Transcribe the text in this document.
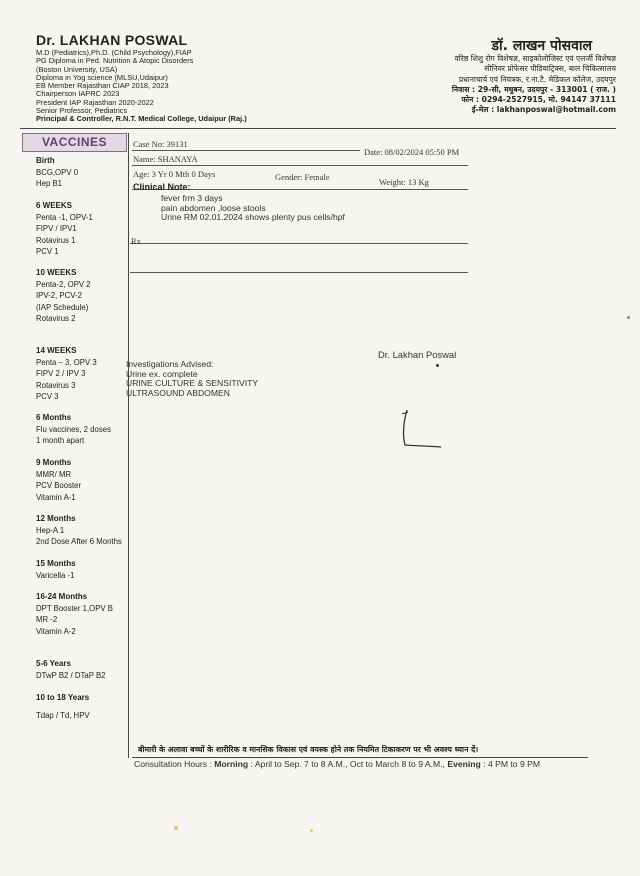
Dr. LAKHAN POSWAL
M.D (Pediatrics),Ph.D. (Child Psychology),FIAP
PG Diploma in Ped. Nutrition & Atopic Disorders
(Boston University, USA)
Diploma in Yog science (MLSU,Udaipur)
EB Member Rajasthan CIAP 2018, 2023
Chairperson IAPRC 2023
President IAP Rajasthan 2020-2022
Senior Professor, Pediatrics
Principal & Controller, R.N.T. Medical College, Udaipur (Raj.)
डॉ. लाखन पोसवाल
वरिष्ठ शिशु रोग विशेषज्ञ, साइकोलोजिस्ट एवं एलर्जी विशेषज्ञ
सीनियर प्रोफेसर पीडियाट्रिक्स, बाल चिकित्सालय
प्रधानाचार्य एवं नियंत्रक, र.ना.टै. मेडिकल कॉलेज, उदयपुर
निवास : 29-सी, मधुबन, उदयपुर - 313001 ( राज. )
फोन : 0294-2527915, मो. 94147 37111
ई-मेल : lakhanposwal@hotmail.com
VACCINES
Birth
BCG,OPV 0
Hep B1
6 WEEKS
Penta -1, OPV-1
FIPV / IPV1
Rotavirus 1
PCV 1
10 WEEKS
Penta-2, OPV 2
IPV-2, PCV-2
(IAP Schedule)
Rotavirus 2
14 WEEKS
Penta – 3, OPV 3
FIPV 2 / IPV 3
Rotavirus 3
PCV 3
6 Months
Flu vaccines, 2 doses
1 month apart
9 Months
MMR/ MR
PCV Booster
Vitamin A-1
12 Months
Hep-A 1
2nd Dose After 6 Months
15 Months
Varicella -1
16-24 Months
DPT Booster 1,OPV B
MR -2
Vitamin A-2
5-6 Years
DTwP B2 / DTaP B2
10 to 18 Years
Tdap / Td, HPV
Case No: 39131
Date: 08/02/2024 05:50 PM
Name: SHANAYA
Age: 3 Yr 0 Mth 0 Days	Gender: Female	Weight: 13 Kg
Clinical Note:
fever frm 3 days
pain abdomen ,loose stools
Urine RM 02.01.2024 shows plenty pus cells/hpf
Rx
Dr. Lakhan Poswal
Investigations Advised:
Urine ex. complete
URINE CULTURE & SENSITIVITY
ULTRASOUND ABDOMEN
बीमारी के अलावा बच्चों के शारीरिक व मानसिक विकास एवं वयस्क होने तक नियमित टिकाकरण पर भी अवश्य ध्यान दें।
Consultation Hours : Morning : April to Sep. 7 to 8 A.M., Oct to March 8 to 9 A.M., Evening : 4 PM to 9 PM
